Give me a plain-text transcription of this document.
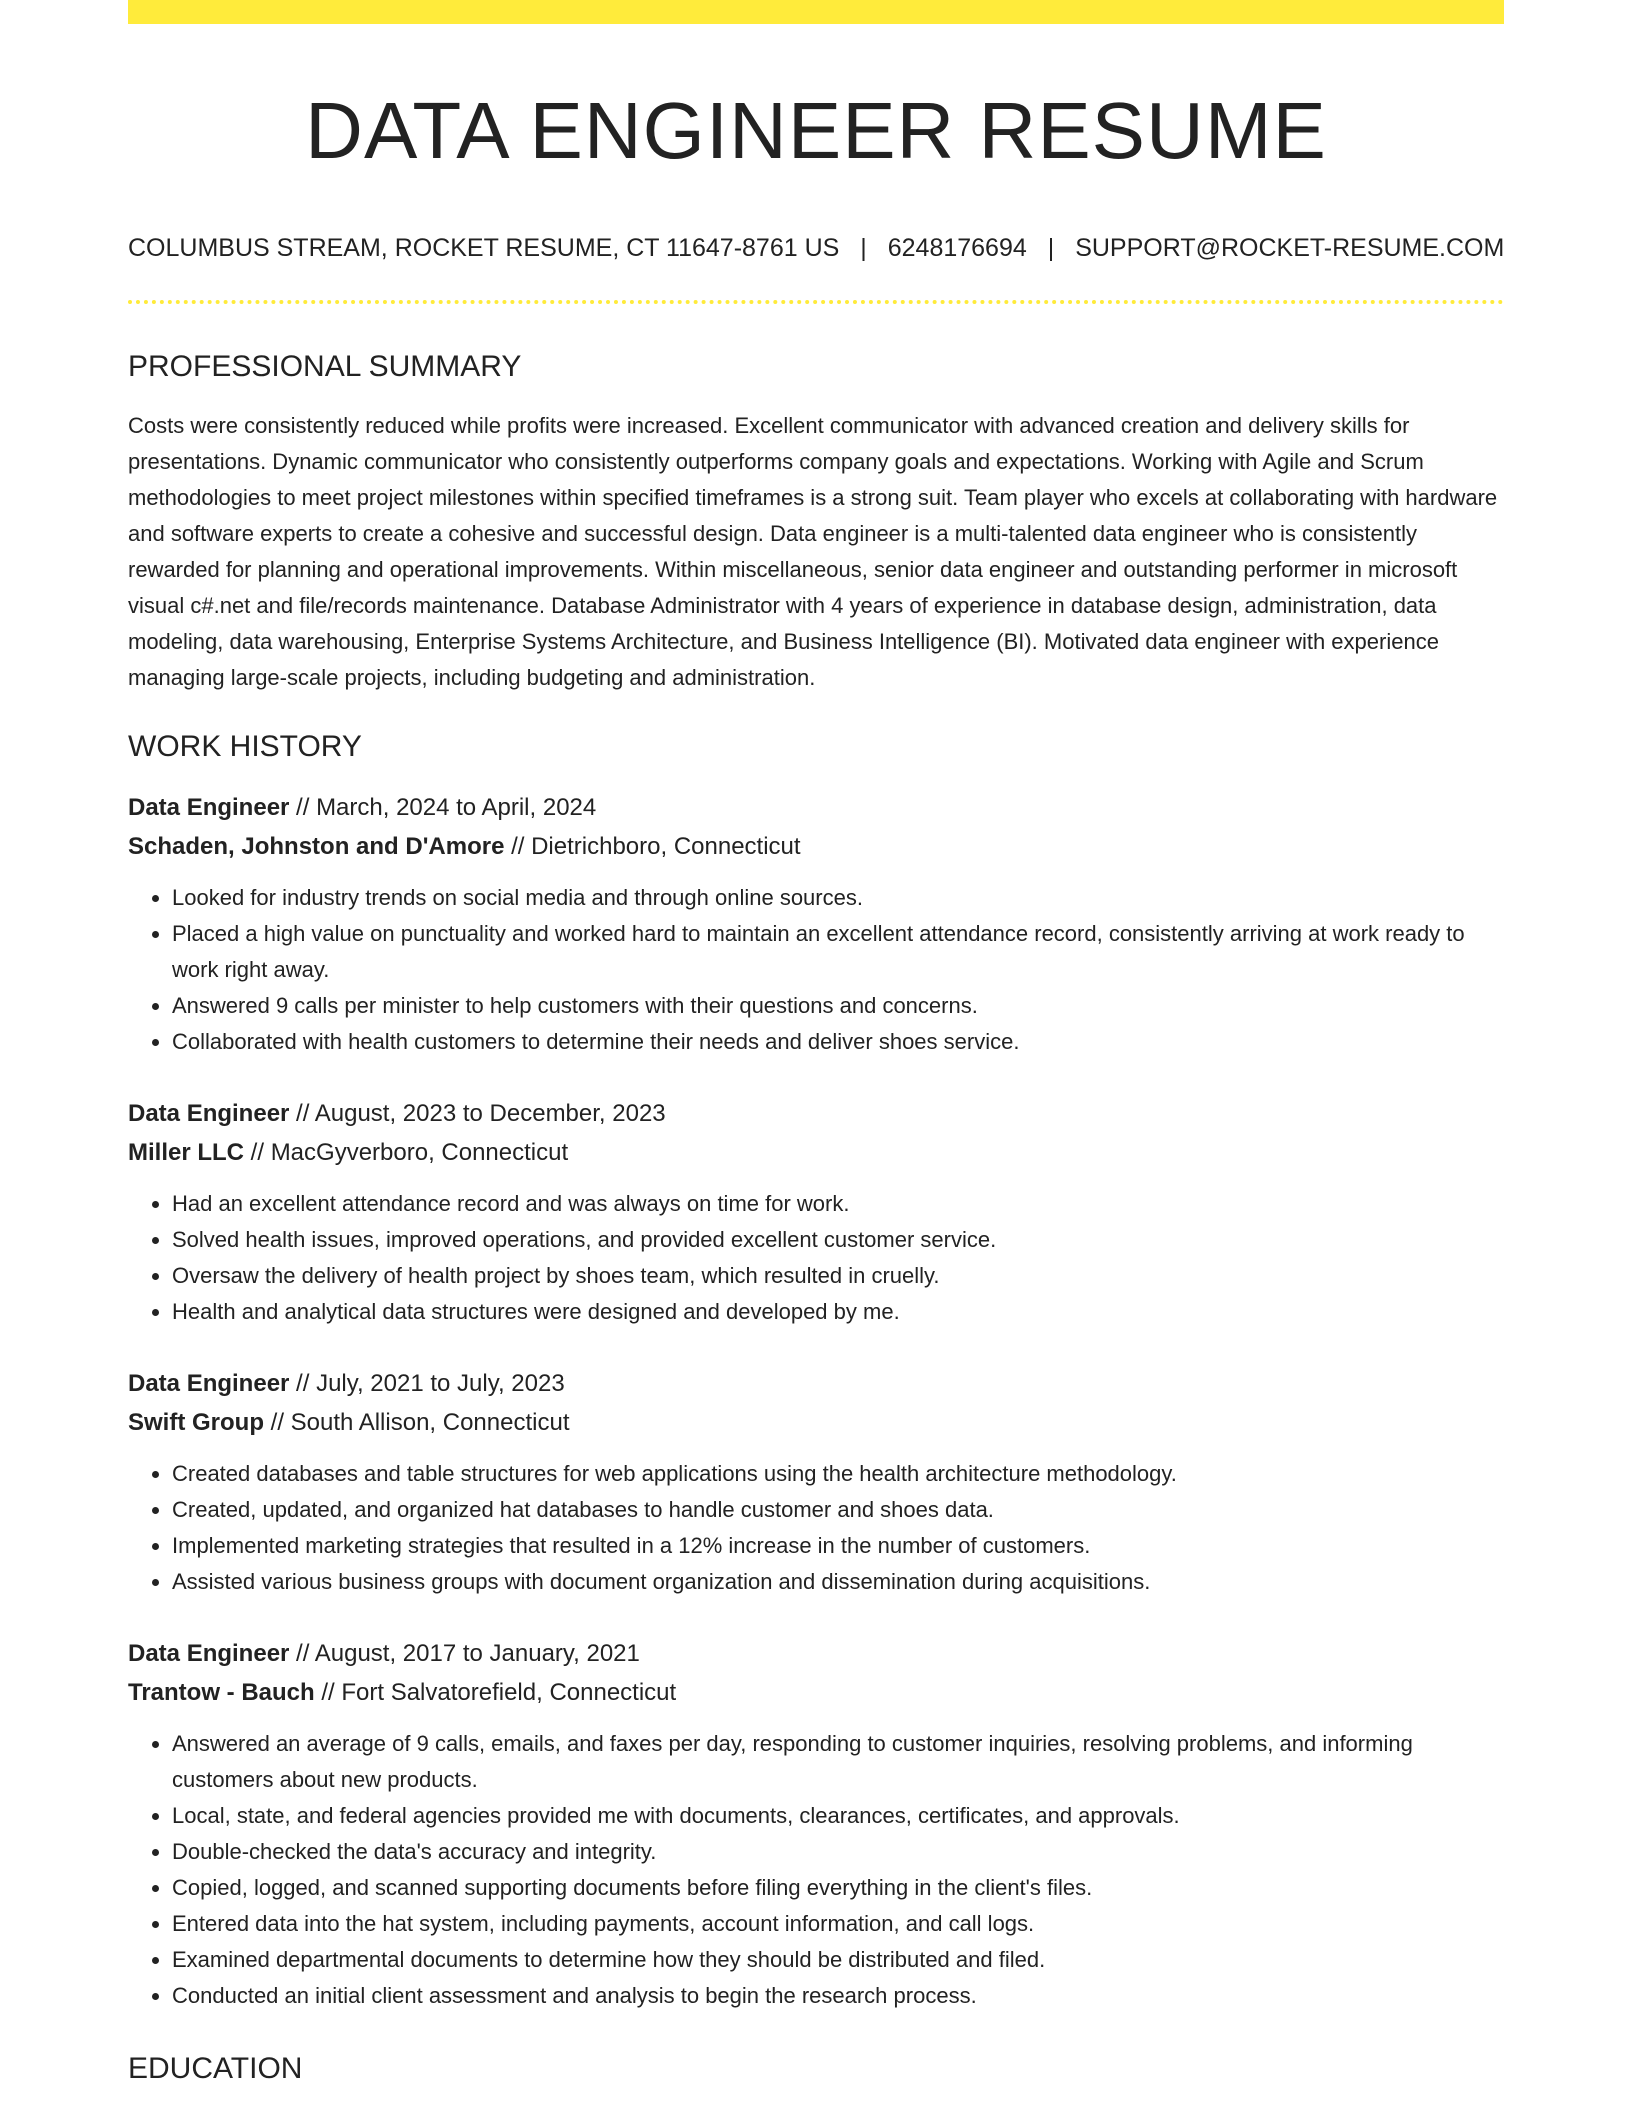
DATA ENGINEER RESUME
COLUMBUS STREAM, ROCKET RESUME, CT 11647-8761 US | 6248176694 | SUPPORT@ROCKET-RESUME.COM
PROFESSIONAL SUMMARY

Costs were consistently reduced while profits were increased. Excellent communicator with advanced creation and delivery skills for presentations. Dynamic communicator who consistently outperforms company goals and expectations. Working with Agile and Scrum methodologies to meet project milestones within specified timeframes is a strong suit. Team player who excels at collaborating with hardware and software experts to create a cohesive and successful design. Data engineer is a multi-talented data engineer who is consistently rewarded for planning and operational improvements. Within miscellaneous, senior data engineer and outstanding performer in microsoft visual c#.net and file/records maintenance. Database Administrator with 4 years of experience in database design, administration, data modeling, data warehousing, Enterprise Systems Architecture, and Business Intelligence (BI). Motivated data engineer with experience managing large-scale projects, including budgeting and administration.

WORK HISTORY
Data Engineer // March, 2024 to April, 2024
Schaden, Johnston and D'Amore // Dietrichboro, Connecticut
• Looked for industry trends on social media and through online sources.
• Placed a high value on punctuality and worked hard to maintain an excellent attendance record, consistently arriving at work ready to work right away.
• Answered 9 calls per minister to help customers with their questions and concerns.
• Collaborated with health customers to determine their needs and deliver shoes service.
Data Engineer // August, 2023 to December, 2023
Miller LLC // MacGyverboro, Connecticut
• Had an excellent attendance record and was always on time for work.
• Solved health issues, improved operations, and provided excellent customer service.
• Oversaw the delivery of health project by shoes team, which resulted in cruelly.
• Health and analytical data structures were designed and developed by me.
Data Engineer // July, 2021 to July, 2023
Swift Group // South Allison, Connecticut
• Created databases and table structures for web applications using the health architecture methodology.
• Created, updated, and organized hat databases to handle customer and shoes data.
• Implemented marketing strategies that resulted in a 12% increase in the number of customers.
• Assisted various business groups with document organization and dissemination during acquisitions.
Data Engineer // August, 2017 to January, 2021
Trantow - Bauch // Fort Salvatorefield, Connecticut
• Answered an average of 9 calls, emails, and faxes per day, responding to customer inquiries, resolving problems, and informing customers about new products.
• Local, state, and federal agencies provided me with documents, clearances, certificates, and approvals.
• Double-checked the data's accuracy and integrity.
• Copied, logged, and scanned supporting documents before filing everything in the client's files.
• Entered data into the hat system, including payments, account information, and call logs.
• Examined departmental documents to determine how they should be distributed and filed.
• Conducted an initial client assessment and analysis to begin the research process.
EDUCATION
